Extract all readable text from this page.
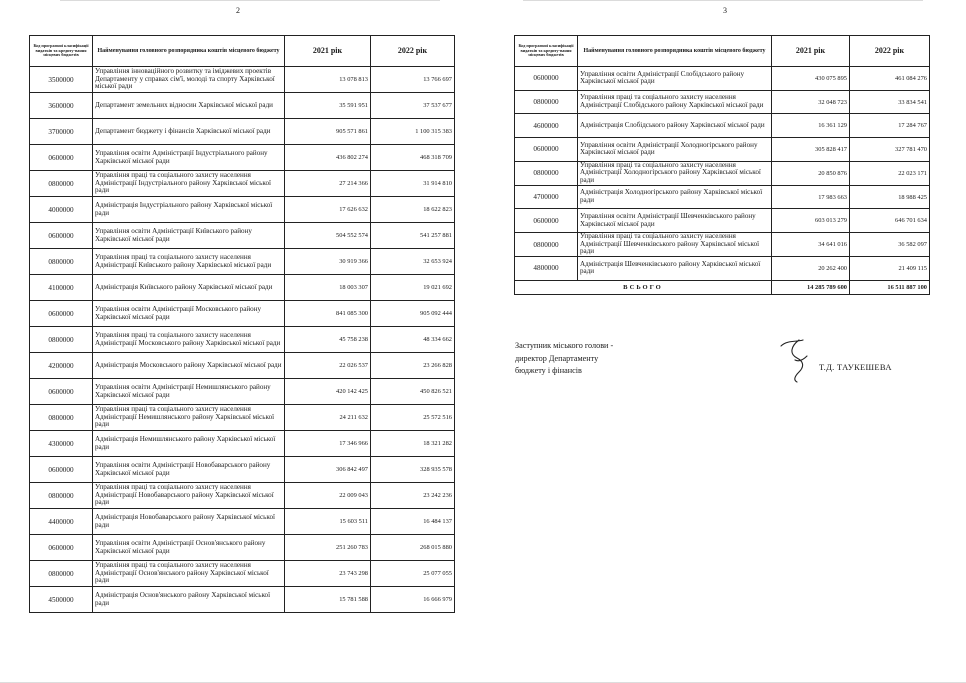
2
Код програмної класифікації видатків та кредиту-вання місцевих бюджетів	Найменування головного розпорядника коштів місцевого бюджету	2021 рік	2022 рік
3500000	Управління інноваційного розвитку та іміджевих проектів Департаменту у справах сім'ї, молоді та спорту Харківської міської ради	13 078 813	13 766 697
3600000	Департамент земельних відносин Харківської міської ради	35 591 951	37 537 677
3700000	Департамент бюджету і фінансів Харківської міської ради	905 571 861	1 100 315 383
0600000	Управління освіти Адміністрації Індустріального району Харківської міської ради	436 802 274	468 318 709
0800000	Управління праці та соціального захисту населення Адміністрації Індустріального району Харківської міської ради	27 214 366	31 914 810
4000000	Адміністрація Індустріального району Харківської міської ради	17 626 632	18 622 823
0600000	Управління освіти Адміністрації Київського району Харківської міської ради	504 552 574	541 257 881
0800000	Управління праці та соціального захисту населення Адміністрації Київського району Харківської міської ради	30 919 366	32 653 924
4100000	Адміністрація Київського району Харківської міської ради	18 003 307	19 021 692
0600000	Управління освіти Адміністрації Московського району Харківської міської ради	841 085 300	905 092 444
0800000	Управління праці та соціального захисту населення Адміністрації Московського району Харківської міської ради	45 758 238	48 334 662
4200000	Адміністрація Московського району Харківської міської ради	22 026 537	23 266 828
0600000	Управління освіти Адміністрації Немишлянського району Харківської міської ради	420 142 425	450 826 521
0800000	Управління праці та соціального захисту населення Адміністрації Немишлянського району Харківської міської ради	24 211 632	25 572 516
4300000	Адміністрація Немишлянського району Харківської міської ради	17 346 966	18 321 282
0600000	Управління освіти Адміністрації Новобаварського району Харківської міської ради	306 842 497	328 935 578
0800000	Управління праці та соціального захисту населення Адміністрації Новобаварського району Харківської міської ради	22 009 043	23 242 236
4400000	Адміністрація Новобаварського району Харківської міської ради	15 603 511	16 484 137
0600000	Управління освіти Адміністрації Основ'янського району Харківської міської ради	251 260 783	268 015 880
0800000	Управління праці та соціального захисту населення Адміністрації Основ'янського району Харківської міської ради	23 743 298	25 077 055
4500000	Адміністрація Основ'янського району Харківської міської ради	15 781 588	16 666 979
3
Код програмної класифікації видатків та кредиту-вання місцевих бюджетів	Найменування головного розпорядника коштів місцевого бюджету	2021 рік	2022 рік
0600000	Управління освіти Адміністрації Слобідського району Харківської міської ради	430 075 895	461 084 276
0800000	Управління праці та соціального захисту населення Адміністрації Слобідського району Харківської міської ради	32 048 723	33 834 541
4600000	Адміністрація Слобідського району Харківської міської ради	16 361 129	17 284 767
0600000	Управління освіти Адміністрації Холодногірського району Харківської міської ради	305 828 417	327 781 470
0800000	Управління праці та соціального захисту населення Адміністрації Холодногірського району Харківської міської ради	20 850 876	22 023 171
4700000	Адміністрація Холодногірського району Харківської міської ради	17 983 663	18 988 425
0600000	Управління освіти Адміністрації Шевченківського району Харківської міської ради	603 013 279	646 701 634
0800000	Управління праці та соціального захисту населення Адміністрації Шевченківського району Харківської міської ради	34 641 016	36 582 097
4800000	Адміністрація Шевченківського району Харківської міської ради	20 262 400	21 409 115
ВСЬОГО		14 285 789 600	16 511 887 100
Заступник міського голови -
директор Департаменту
бюджету і фінансів	Т.Д. ТАУКЕШЕВА
